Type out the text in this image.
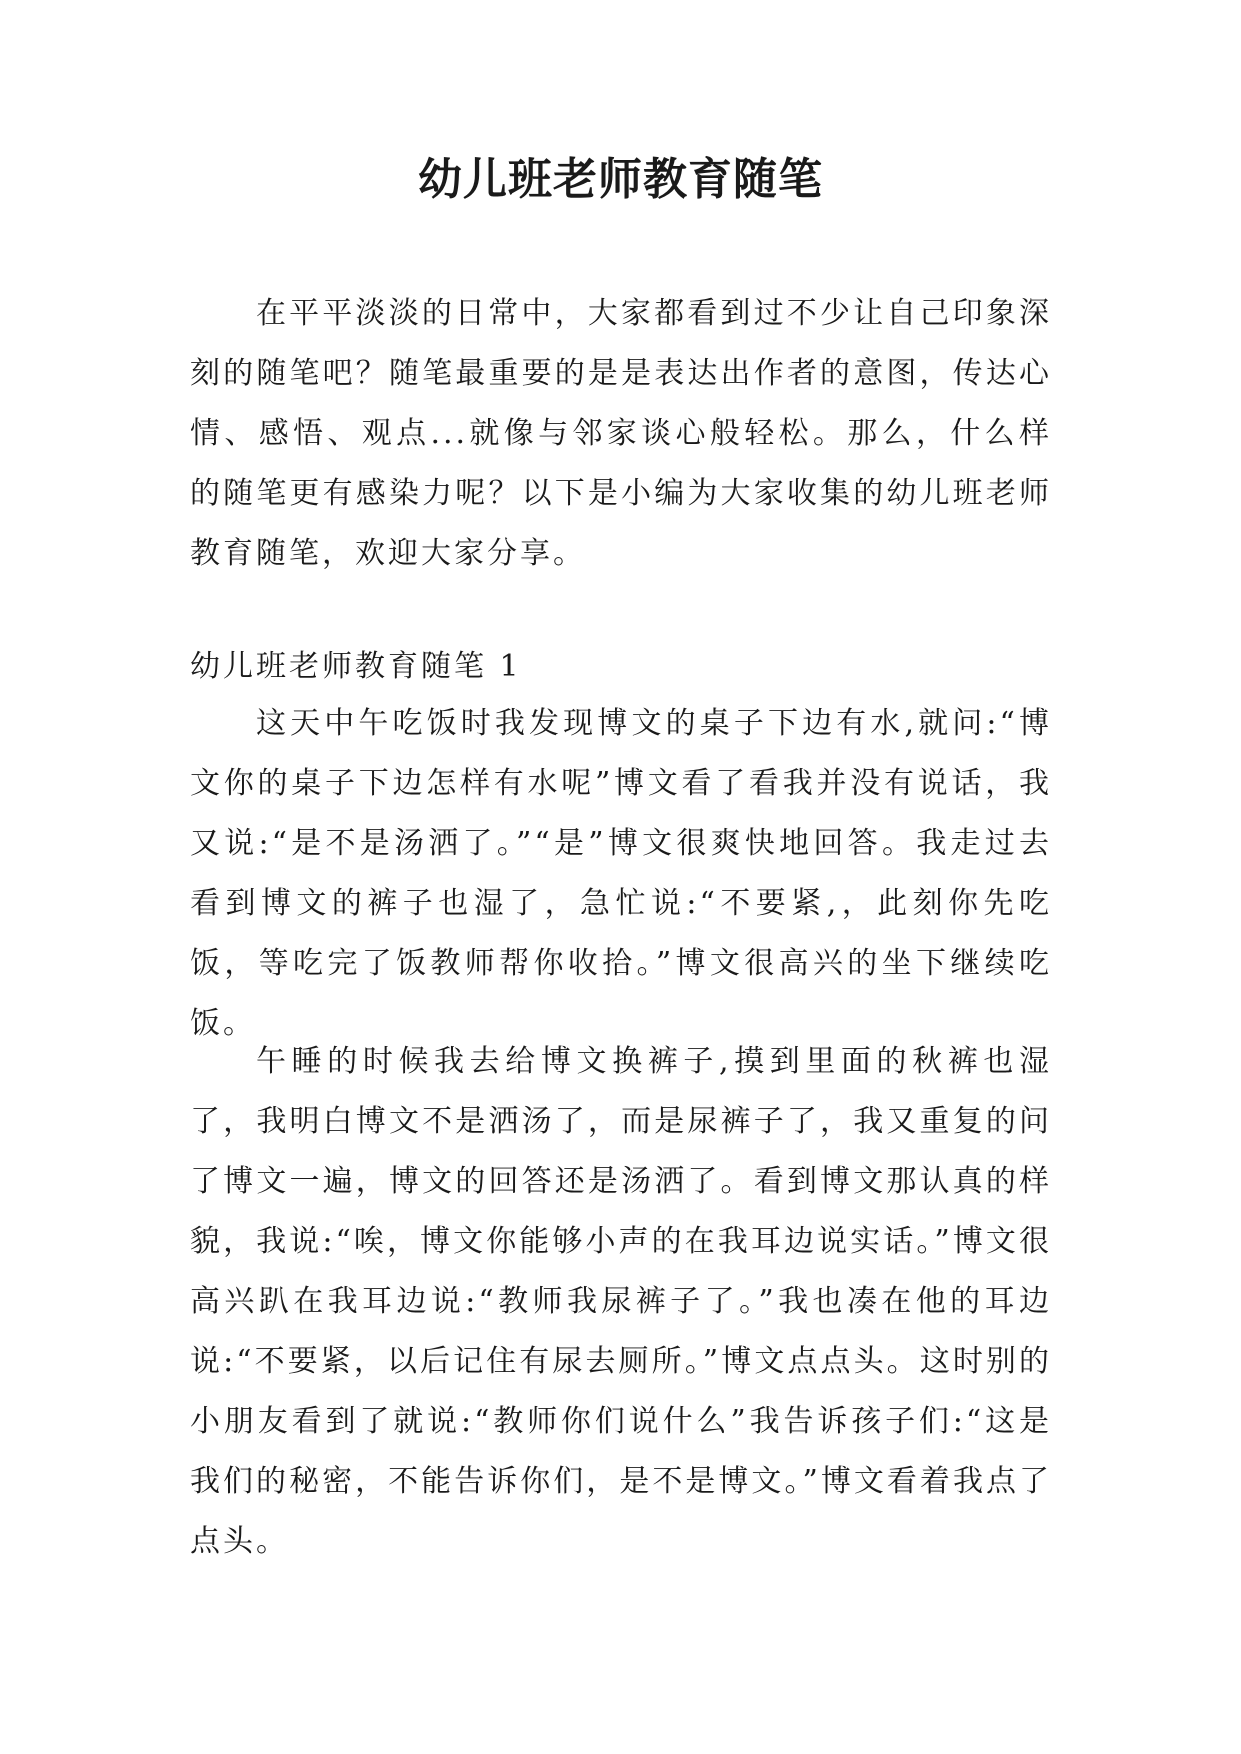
幼儿班老师教育随笔

在平平淡淡的日常中，大家都看到过不少让自己印象深刻的随笔吧？随笔最重要的是是表达出作者的意图，传达心情、感悟、观点...就像与邻家谈心般轻松。那么，什么样的随笔更有感染力呢？以下是小编为大家收集的幼儿班老师教育随笔，欢迎大家分享。

幼儿班老师教育随笔 1

这天中午吃饭时我发现博文的桌子下边有水,就问:“博文你的桌子下边怎样有水呢”博文看了看我并没有说话，我又说:“是不是汤洒了。”“是”博文很爽快地回答。我走过去看到博文的裤子也湿了，急忙说:“不要紧,，此刻你先吃饭，等吃完了饭教师帮你收拾。”博文很高兴的坐下继续吃饭。

午睡的时候我去给博文换裤子,摸到里面的秋裤也湿了，我明白博文不是洒汤了，而是尿裤子了，我又重复的问了博文一遍，博文的回答还是汤洒了。看到博文那认真的样貌，我说:“唉，博文你能够小声的在我耳边说实话。”博文很高兴趴在我耳边说:“教师我尿裤子了。”我也凑在他的耳边说:“不要紧，以后记住有尿去厕所。”博文点点头。这时别的小朋友看到了就说:“教师你们说什么”我告诉孩子们:“这是我们的秘密，不能告诉你们，是不是博文。”博文看着我点了点头。
